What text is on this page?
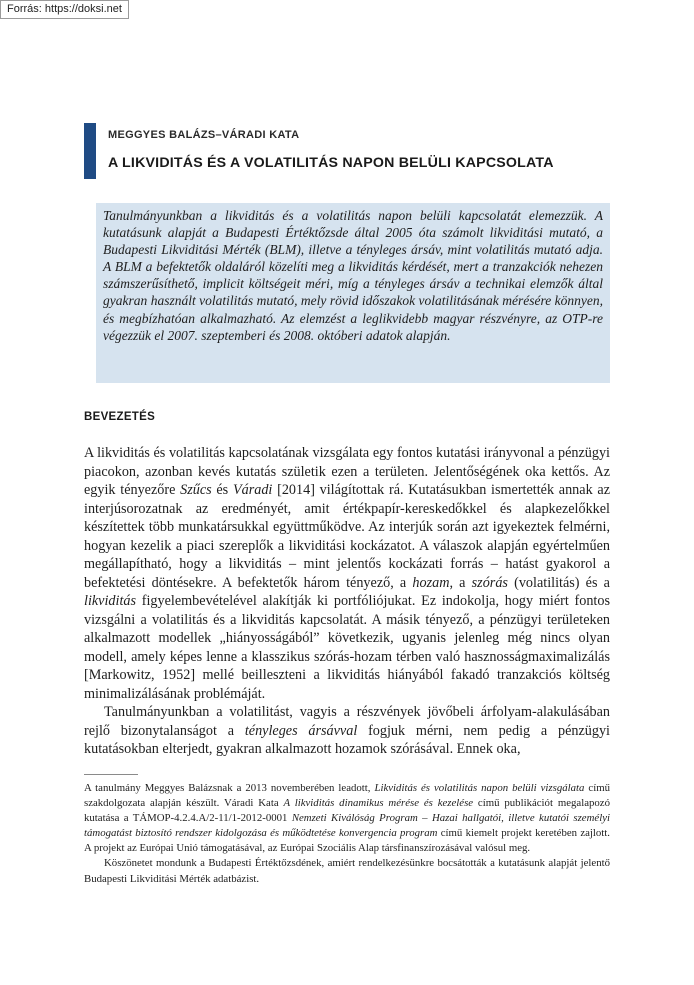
Forrás: https://doksi.net
MEGGYES BALÁZS–VÁRADI KATA
A LIKVIDITÁS ÉS A VOLATILITÁS NAPON BELÜLI KAPCSOLATA

Tanulmányunkban a likviditás és a volatilitás napon belüli kapcsolatát elemezzük. A kutatásunk alapját a Budapesti Értéktőzsde által 2005 óta számolt likviditási mutató, a Budapesti Likviditási Mérték (BLM), illetve a tényleges ársáv, mint volatilitás mutató adja. A BLM a befektetők oldaláról közelíti meg a likviditás kérdését, mert a tranzakciók nehezen számszerűsíthető, implicit költségeit méri, míg a tényleges ársáv a technikai elemzők által gyakran használt volatilitás mutató, mely rövid időszakok volatilitásának mérésére könnyen, és megbízhatóan alkalmazható. Az elemzést a leglikvidebb magyar részvényre, az OTP-re végezzük el 2007. szeptemberi és 2008. októberi adatok alapján.

BEVEZETÉS

A likviditás és volatilitás kapcsolatának vizsgálata egy fontos kutatási irányvonal a pénzügyi piacokon, azonban kevés kutatás születik ezen a területen. Jelentőségének oka kettős. Az egyik tényezőre Szűcs és Váradi [2014] világítottak rá. Kutatásukban ismertették annak az interjúsorozatnak az eredményét, amit értékpapír-kereskedőkkel és alapkezelőkkel készítettek több munkatársukkal együttműködve. Az interjúk során azt igyekeztek felmérni, hogyan kezelik a piaci szereplők a likviditási kockázatot. A válaszok alapján egyértelműen megállapítható, hogy a likviditás – mint jelentős kockázati forrás – hatást gyakorol a befektetési döntésekre. A befektetők három tényező, a hozam, a szórás (volatilitás) és a likviditás figyelembevételével alakítják ki portfóliójukat. Ez indokolja, hogy miért fontos vizsgálni a volatilitás és a likviditás kapcsolatát. A másik tényező, a pénzügyi területeken alkalmazott modellek „hiányosságából” következik, ugyanis jelenleg még nincs olyan modell, amely képes lenne a klasszikus szórás-hozam térben való hasznosságmaximalizálás [Markowitz, 1952] mellé beilleszteni a likviditás hiányából fakadó tranzakciós költség minimalizálásának problémáját.

Tanulmányunkban a volatilitást, vagyis a részvények jövőbeli árfolyam-alakulásában rejlő bizonytalanságot a tényleges ársávval fogjuk mérni, nem pedig a pénzügyi kutatásokban elterjedt, gyakran alkalmazott hozamok szórásával. Ennek oka,

A tanulmány Meggyes Balázsnak a 2013 novemberében leadott, Likviditás és volatilitás napon belüli vizsgálata című szakdolgozata alapján készült. Váradi Kata A likviditás dinamikus mérése és kezelése című publikációt megalapozó kutatása a TÁMOP-4.2.4.A/2-11/1-2012-0001 Nemzeti Kiválóság Program – Hazai hallgatói, illetve kutatói személyi támogatást biztosító rendszer kidolgozása és működtetése konvergencia program című kiemelt projekt keretében zajlott. A projekt az Európai Unió támogatásával, az Európai Szociális Alap társfinanszírozásával valósul meg.

Köszönetet mondunk a Budapesti Értéktőzsdének, amiért rendelkezésünkre bocsátották a kutatásunk alapját jelentő Budapesti Likviditási Mérték adatbázist.
